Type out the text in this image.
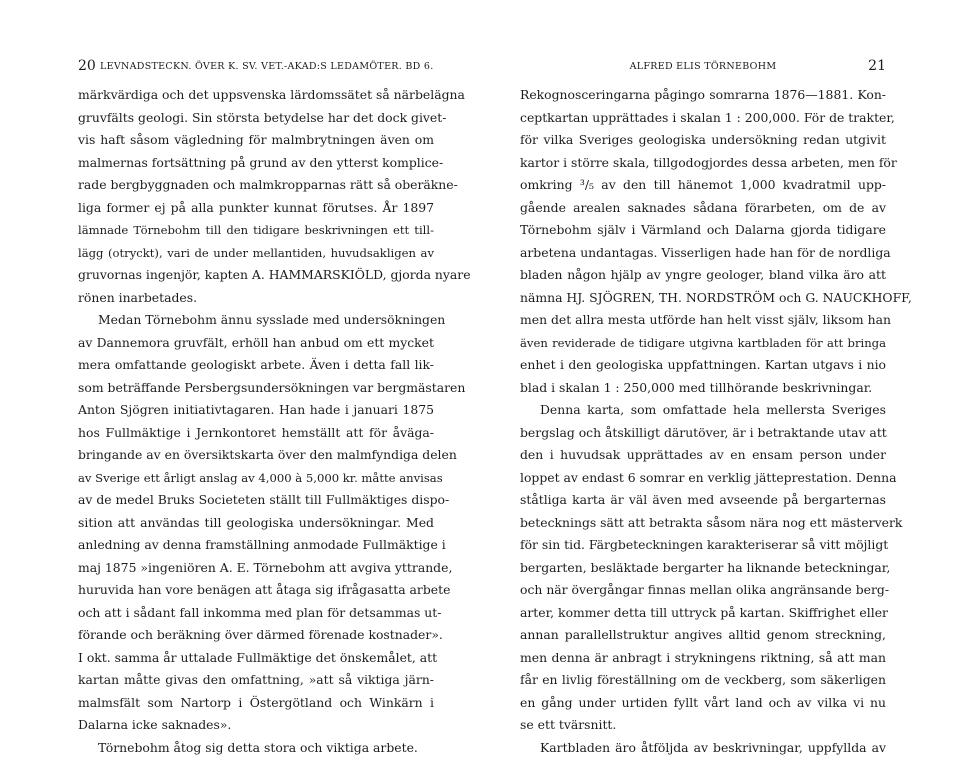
20 LEVNADSTECKN. ÖVER K. SV. VET.-AKAD:S LEDAMÖTER. BD 6.
märkvärdiga och det uppsvenska lärdomssätet så närbelägna
gruvfälts geologi. Sin största betydelse har det dock givet-
vis haft såsom vägledning för malmbrytningen även om
malmernas fortsättning på grund av den ytterst komplice-
rade bergbyggnaden och malmkropparnas rätt så oberäkne-
liga former ej på alla punkter kunnat förutses. År 1897
lämnade Törnebohm till den tidigare beskrivningen ett till-
lägg (otryckt), vari de under mellantiden, huvudsakligen av
gruvornas ingenjör, kapten A. HAMMARSKIÖLD, gjorda nyare
rönen inarbetades.
Medan Törnebohm ännu sysslade med undersökningen
av Dannemora gruvfält, erhöll han anbud om ett mycket
mera omfattande geologiskt arbete. Även i detta fall lik-
som beträffande Persbergsundersökningen var bergmästaren
Anton Sjögren initiativtagaren. Han hade i januari 1875
hos Fullmäktige i Jernkontoret hemställt att för åväga-
bringande av en översiktskarta över den malmfyndiga delen
av Sverige ett årligt anslag av 4,000 à 5,000 kr. måtte anvisas
av de medel Bruks Societeten ställt till Fullmäktiges dispo-
sition att användas till geologiska undersökningar. Med
anledning av denna framställning anmodade Fullmäktige i
maj 1875 »ingeniören A. E. Törnebohm att avgiva yttrande,
huruvida han vore benägen att åtaga sig ifrågasatta arbete
och att i sådant fall inkomma med plan för detsammas ut-
förande och beräkning över därmed förenade kostnader».
I okt. samma år uttalade Fullmäktige det önskemålet, att
kartan måtte givas den omfattning, »att så viktiga järn-
malmsfält som Nartorp i Östergötland och Winkärn i
Dalarna icke saknades».
Törnebohm åtog sig detta stora och viktiga arbete.
ALFRED ELIS TÖRNEBOHM	21
Rekognosceringarna pågingo somrarna 1876—1881. Kon-
ceptkartan upprättades i skalan 1 : 200,000. För de trakter,
för vilka Sveriges geologiska undersökning redan utgivit
kartor i större skala, tillgodogjordes dessa arbeten, men för
omkring ³/₅ av den till hänemot 1,000 kvadratmil upp-
gående arealen saknades sådana förarbeten, om de av
Törnebohm själv i Värmland och Dalarna gjorda tidigare
arbetena undantagas. Visserligen hade han för de nordliga
bladen någon hjälp av yngre geologer, bland vilka äro att
nämna HJ. SJÖGREN, TH. NORDSTRÖM och G. NAUCKHOFF,
men det allra mesta utförde han helt visst själv, liksom han
även reviderade de tidigare utgivna kartbladen för att bringa
enhet i den geologiska uppfattningen. Kartan utgavs i nio
blad i skalan 1 : 250,000 med tillhörande beskrivningar.
Denna karta, som omfattade hela mellersta Sveriges
bergslag och åtskilligt därutöver, är i betraktande utav att
den i huvudsak upprättades av en ensam person under
loppet av endast 6 somrar en verklig jätteprestation. Denna
ståtliga karta är väl även med avseende på bergarternas
betecknings sätt att betrakta såsom nära nog ett mästerverk
för sin tid. Färgbeteckningen karakteriserar så vitt möjligt
bergarten, besläktade bergarter ha liknande beteckningar,
och när övergångar finnas mellan olika angränsande berg-
arter, kommer detta till uttryck på kartan. Skiffrighet eller
annan parallellstruktur angives alltid genom streckning,
men denna är anbragt i strykningens riktning, så att man
får en livlig föreställning om de veckberg, som säkerligen
en gång under urtiden fyllt vårt land och av vilka vi nu
se ett tvärsnitt.
Kartbladen äro åtföljda av beskrivningar, uppfyllda av
